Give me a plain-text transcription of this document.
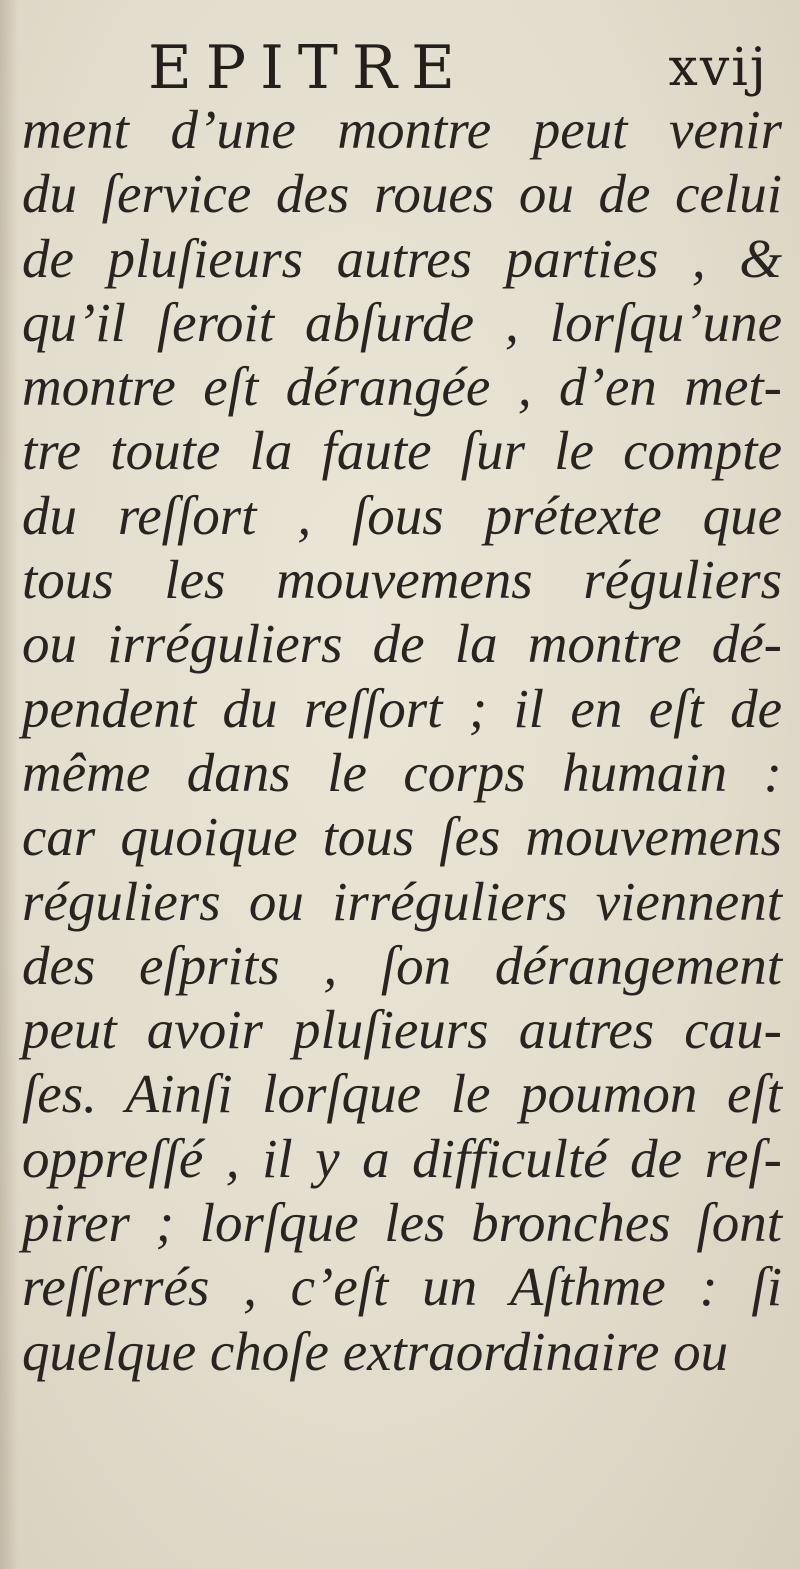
EPITRE	xvij
ment d’une montre peut venir
du ſervice des roues ou de celui
de pluſieurs autres parties , &
qu’il ſeroit abſurde , lorſqu’une
montre eſt dérangée , d’en met-
tre toute la faute ſur le compte
du reſſort , ſous prétexte que
tous les mouvemens réguliers
ou irréguliers de la montre dé-
pendent du reſſort ; il en eſt de
même dans le corps humain :
car quoique tous ſes mouvemens
réguliers ou irréguliers viennent
des eſprits , ſon dérangement
peut avoir pluſieurs autres cau-
ſes. Ainſi lorſque le poumon eſt
oppreſſé , il y a difficulté de reſ-
pirer ; lorſque les bronches ſont
reſſerrés , c’eſt un Aſthme : ſi
quelque choſe extraordinaire ou
